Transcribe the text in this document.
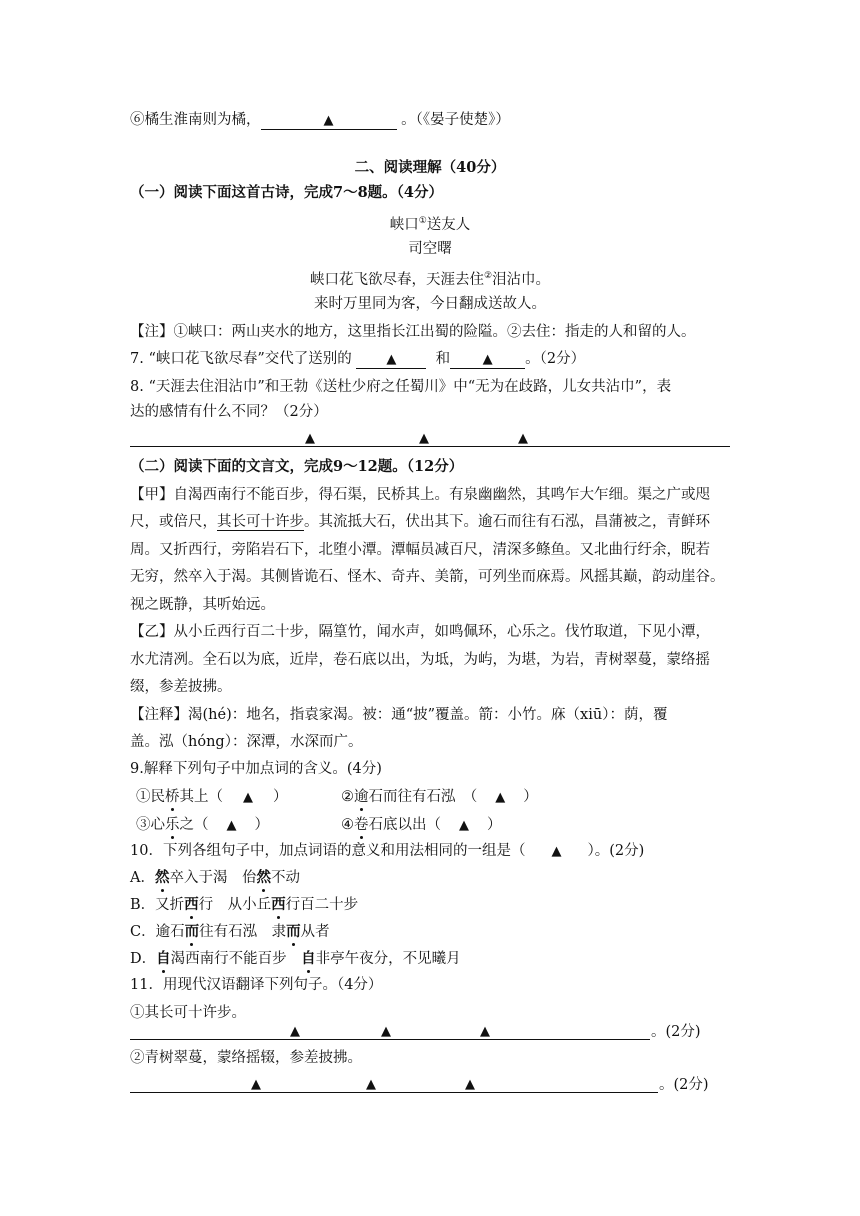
⑥橘生淮南则为橘，	▲	。（《晏子使楚》）
二、阅读理解（40分）
（一）阅读下面这首古诗，完成7～8题。（4分）
峡口①送友人
司空曙
峡口花飞欲尽春，天涯去住②泪沾巾。
来时万里同为客，今日翻成送故人。
【注】①峡口：两山夹水的地方，这里指长江出蜀的险隘。②去住：指走的人和留的人。
7. “峡口花飞欲尽春”交代了送别的	▲	和	▲ 。（2分）
8. “天涯去住泪沾巾”和王勃《送杜少府之任蜀川》中“无为在歧路，儿女共沾巾”，表
达的感情有什么不同？（2分）
▲	▲	▲
（二）阅读下面的文言文，完成9～12题。（12分）
【甲】自渴西南行不能百步，得石渠，民桥其上。有泉幽幽然，其鸣乍大乍细。渠之广或咫
尺，或倍尺，其长可十许步。其流抵大石，伏出其下。逾石而往有石泓，昌蒲被之，青鲜环
周。又折西行，旁陷岩石下，北堕小潭。潭幅员减百尺，清深多鲦鱼。又北曲行纡余，睨若
无穷，然卒入于渴。其侧皆诡石、怪木、奇卉、美箭，可列坐而庥焉。风摇其巅，韵动崖谷。
视之既静，其听始远。
【乙】从小丘西行百二十步，隔篁竹，闻水声，如鸣佩环，心乐之。伐竹取道，下见小潭，
水尤清冽。全石以为底，近岸，卷石底以出，为坻，为屿，为堪，为岩，青树翠蔓，蒙络摇
缀，参差披拂。
【注释】渴(hé)：地名，指袁家渴。被：通“披”覆盖。箭：小竹。庥（xiū）：荫，覆
盖。泓（hóng）：深潭，水深而广。
9.解释下列句子中加点词的含义。(4分)
①民桥其上（ ▲ ）	②逾石而往有石泓　（ ▲ ）
③心乐之（ ▲ ）	④卷石底以出（ ▲ ）
10．下列各组句子中，加点词语的意义和用法相同的一组是（ ▲ ）。(2分)
A．然卒入于渴　佁然不动
B．又折西行　从小丘西行百二十步
C．逾石而往有石泓　隶而从者
D．自渴西南行不能百步　自非亭午夜分，不见曦月
11．用现代汉语翻译下列句子。（4分）
①其长可十许步。
▲	▲	▲	。(2分)
②青树翠蔓，蒙络摇辍，参差披拂。
▲	▲	▲	。(2分)
